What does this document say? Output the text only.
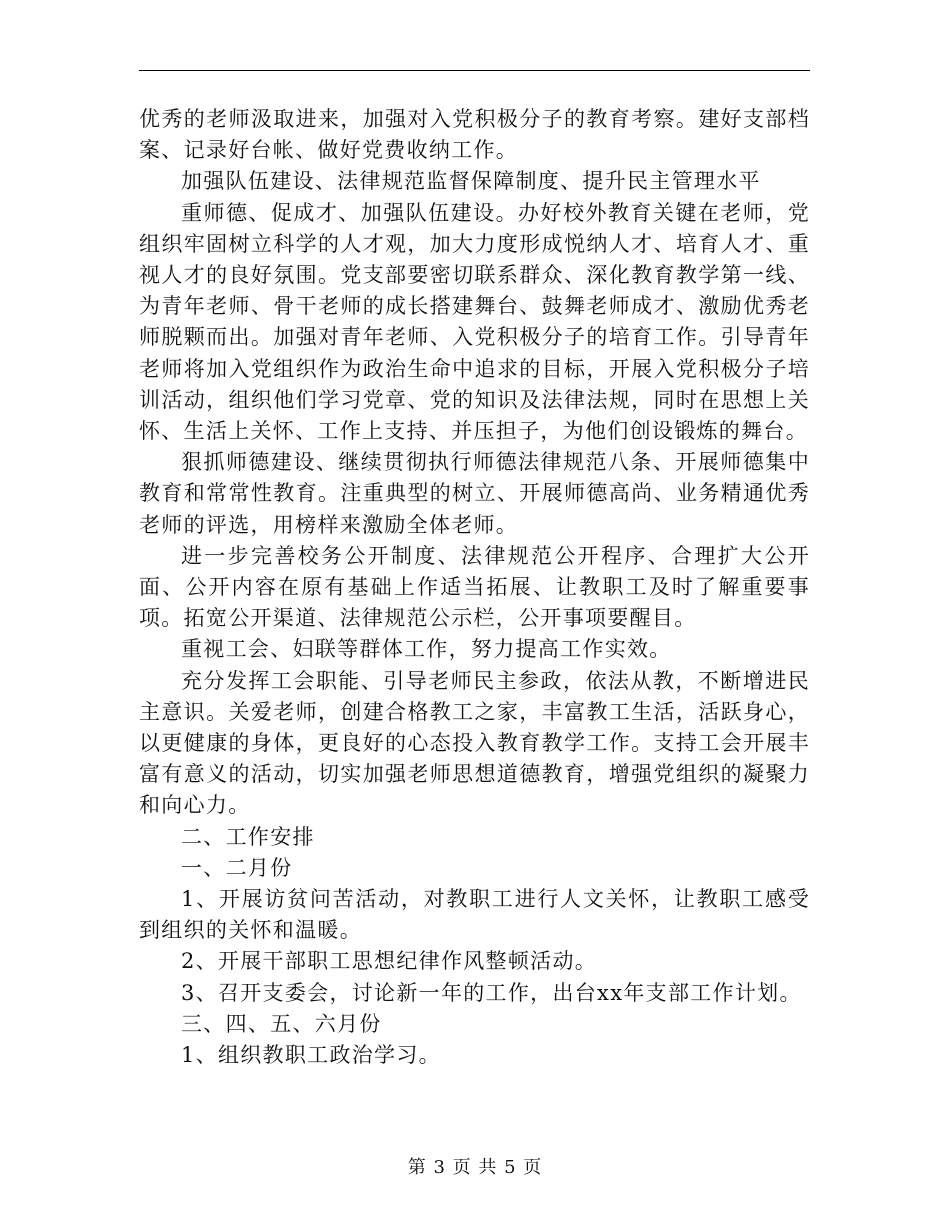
优秀的老师汲取进来，加强对入党积极分子的教育考察。建好支部档案、记录好台帐、做好党费收纳工作。

加强队伍建设、法律规范监督保障制度、提升民主管理水平

重师德、促成才、加强队伍建设。办好校外教育关键在老师，党组织牢固树立科学的人才观，加大力度形成悦纳人才、培育人才、重视人才的良好氛围。党支部要密切联系群众、深化教育教学第一线、为青年老师、骨干老师的成长搭建舞台、鼓舞老师成才、激励优秀老师脱颗而出。加强对青年老师、入党积极分子的培育工作。引导青年老师将加入党组织作为政治生命中追求的目标，开展入党积极分子培训活动，组织他们学习党章、党的知识及法律法规，同时在思想上关怀、生活上关怀、工作上支持、并压担子，为他们创设锻炼的舞台。

狠抓师德建设、继续贯彻执行师德法律规范八条、开展师德集中教育和常常性教育。注重典型的树立、开展师德高尚、业务精通优秀老师的评选，用榜样来激励全体老师。

进一步完善校务公开制度、法律规范公开程序、合理扩大公开面、公开内容在原有基础上作适当拓展、让教职工及时了解重要事项。拓宽公开渠道、法律规范公示栏，公开事项要醒目。

重视工会、妇联等群体工作，努力提高工作实效。

充分发挥工会职能、引导老师民主参政，依法从教，不断增进民主意识。关爱老师，创建合格教工之家，丰富教工生活，活跃身心，以更健康的身体，更良好的心态投入教育教学工作。支持工会开展丰富有意义的活动，切实加强老师思想道德教育，增强党组织的凝聚力和向心力。

二、工作安排

一、二月份

1、开展访贫问苦活动，对教职工进行人文关怀，让教职工感受到组织的关怀和温暖。

2、开展干部职工思想纪律作风整顿活动。

3、召开支委会，讨论新一年的工作，出台xx年支部工作计划。

三、四、五、六月份

1、组织教职工政治学习。

第 3 页 共 5 页
